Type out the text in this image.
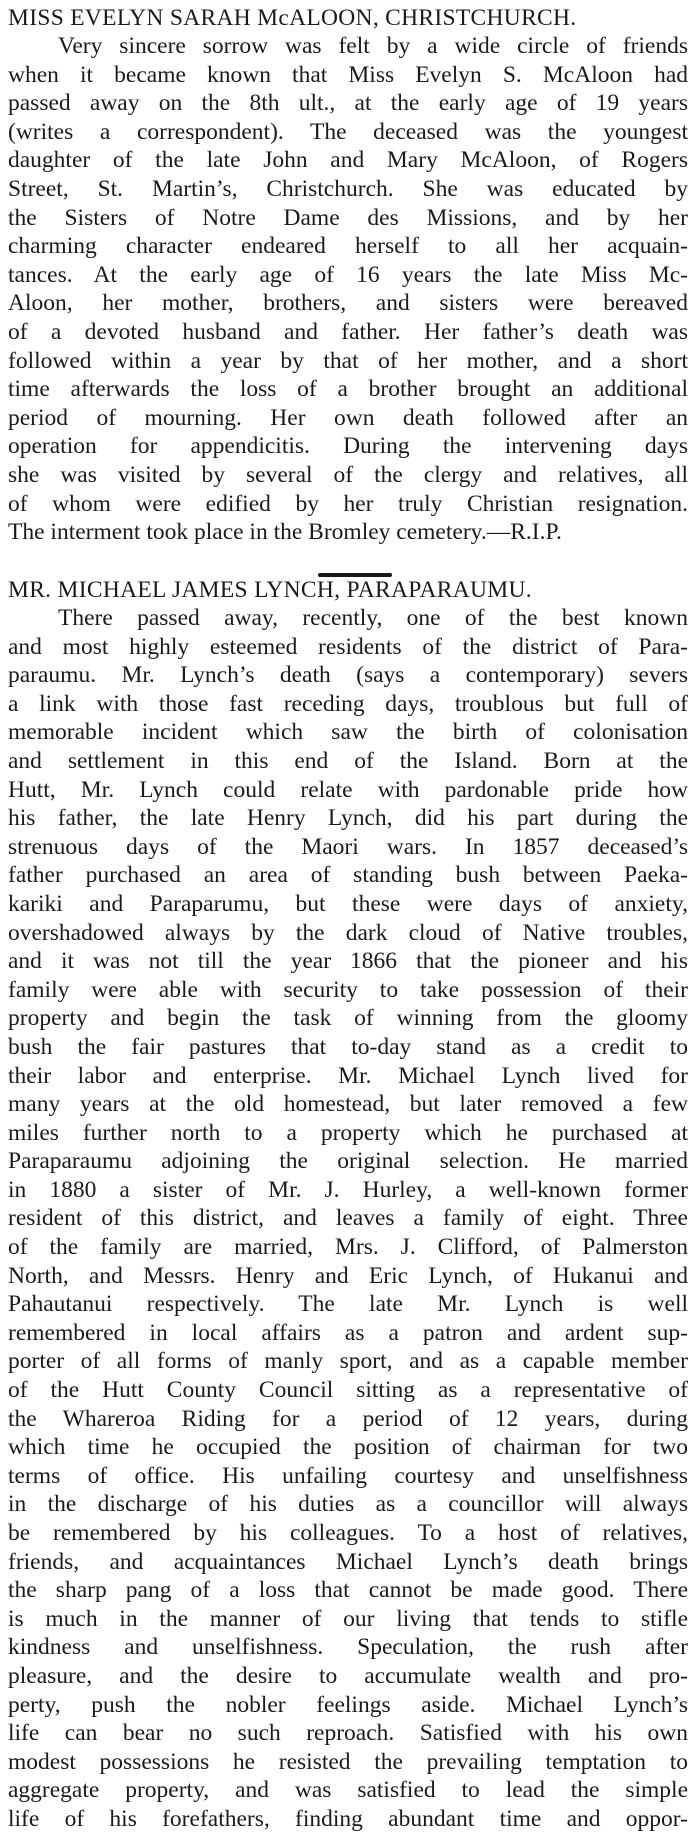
MISS EVELYN SARAH McALOON, CHRISTCHURCH.
Very sincere sorrow was felt by a wide circle of friends
when it became known that Miss Evelyn S. McAloon had
passed away on the 8th ult., at the early age of 19 years
(writes a correspondent). The deceased was the youngest
daughter of the late John and Mary McAloon, of Rogers
Street, St. Martin’s, Christchurch. She was educated by
the Sisters of Notre Dame des Missions, and by her
charming character endeared herself to all her acquain-
tances. At the early age of 16 years the late Miss Mc-
Aloon, her mother, brothers, and sisters were bereaved
of a devoted husband and father. Her father’s death was
followed within a year by that of her mother, and a short
time afterwards the loss of a brother brought an additional
period of mourning. Her own death followed after an
operation for appendicitis. During the intervening days
she was visited by several of the clergy and relatives, all
of whom were edified by her truly Christian resignation.
The interment took place in the Bromley cemetery.—R.I.P.
MR. MICHAEL JAMES LYNCH, PARAPARAUMU.
There passed away, recently, one of the best known
and most highly esteemed residents of the district of Para-
paraumu. Mr. Lynch’s death (says a contemporary) severs
a link with those fast receding days, troublous but full of
memorable incident which saw the birth of colonisation
and settlement in this end of the Island. Born at the
Hutt, Mr. Lynch could relate with pardonable pride how
his father, the late Henry Lynch, did his part during the
strenuous days of the Maori wars. In 1857 deceased’s
father purchased an area of standing bush between Paeka-
kariki and Paraparumu, but these were days of anxiety,
overshadowed always by the dark cloud of Native troubles,
and it was not till the year 1866 that the pioneer and his
family were able with security to take possession of their
property and begin the task of winning from the gloomy
bush the fair pastures that to-day stand as a credit to
their labor and enterprise. Mr. Michael Lynch lived for
many years at the old homestead, but later removed a few
miles further north to a property which he purchased at
Paraparaumu adjoining the original selection. He married
in 1880 a sister of Mr. J. Hurley, a well-known former
resident of this district, and leaves a family of eight. Three
of the family are married, Mrs. J. Clifford, of Palmerston
North, and Messrs. Henry and Eric Lynch, of Hukanui and
Pahautanui respectively. The late Mr. Lynch is well
remembered in local affairs as a patron and ardent sup-
porter of all forms of manly sport, and as a capable member
of the Hutt County Council sitting as a representative of
the Whareroa Riding for a period of 12 years, during
which time he occupied the position of chairman for two
terms of office. His unfailing courtesy and unselfishness
in the discharge of his duties as a councillor will always
be remembered by his colleagues. To a host of relatives,
friends, and acquaintances Michael Lynch’s death brings
the sharp pang of a loss that cannot be made good. There
is much in the manner of our living that tends to stifle
kindness and unselfishness. Speculation, the rush after
pleasure, and the desire to accumulate wealth and pro-
perty, push the nobler feelings aside. Michael Lynch’s
life can bear no such reproach. Satisfied with his own
modest possessions he resisted the prevailing temptation to
aggregate property, and was satisfied to lead the simple
life of his forefathers, finding abundant time and oppor-
